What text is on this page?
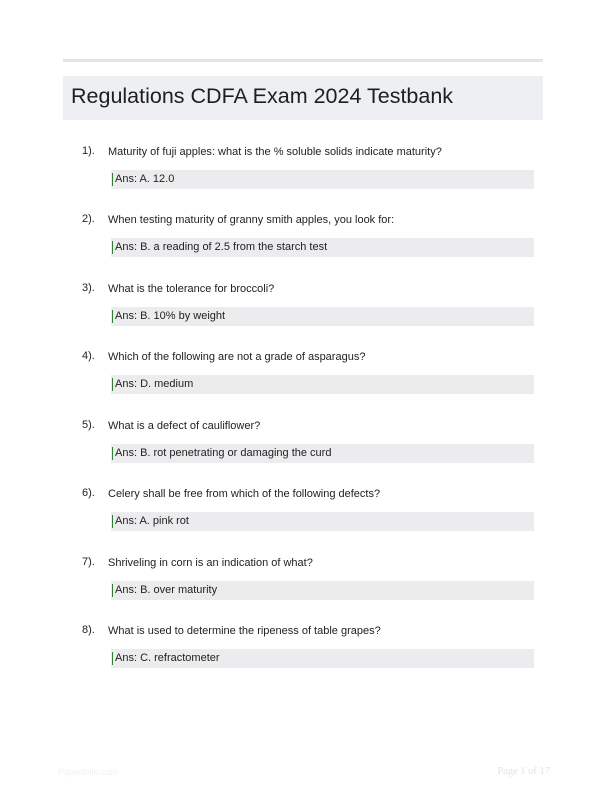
Regulations CDFA Exam 2024 Testbank
1). Maturity of fuji apples: what is the % soluble solids indicate maturity?
Ans: A. 12.0
2). When testing maturity of granny smith apples, you look for:
Ans: B. a reading of 2.5 from the starch test
3). What is the tolerance for broccoli?
Ans: B. 10% by weight
4). Which of the following are not a grade of asparagus?
Ans: D. medium
5). What is a defect of cauliflower?
Ans: B. rot penetrating or damaging the curd
6). Celery shall be free from which of the following defects?
Ans: A. pink rot
7). Shriveling in corn is an indication of what?
Ans: B. over maturity
8). What is used to determine the ripeness of table grapes?
Ans: C. refractometer
Paperfolio.com	Page 1 of 17
